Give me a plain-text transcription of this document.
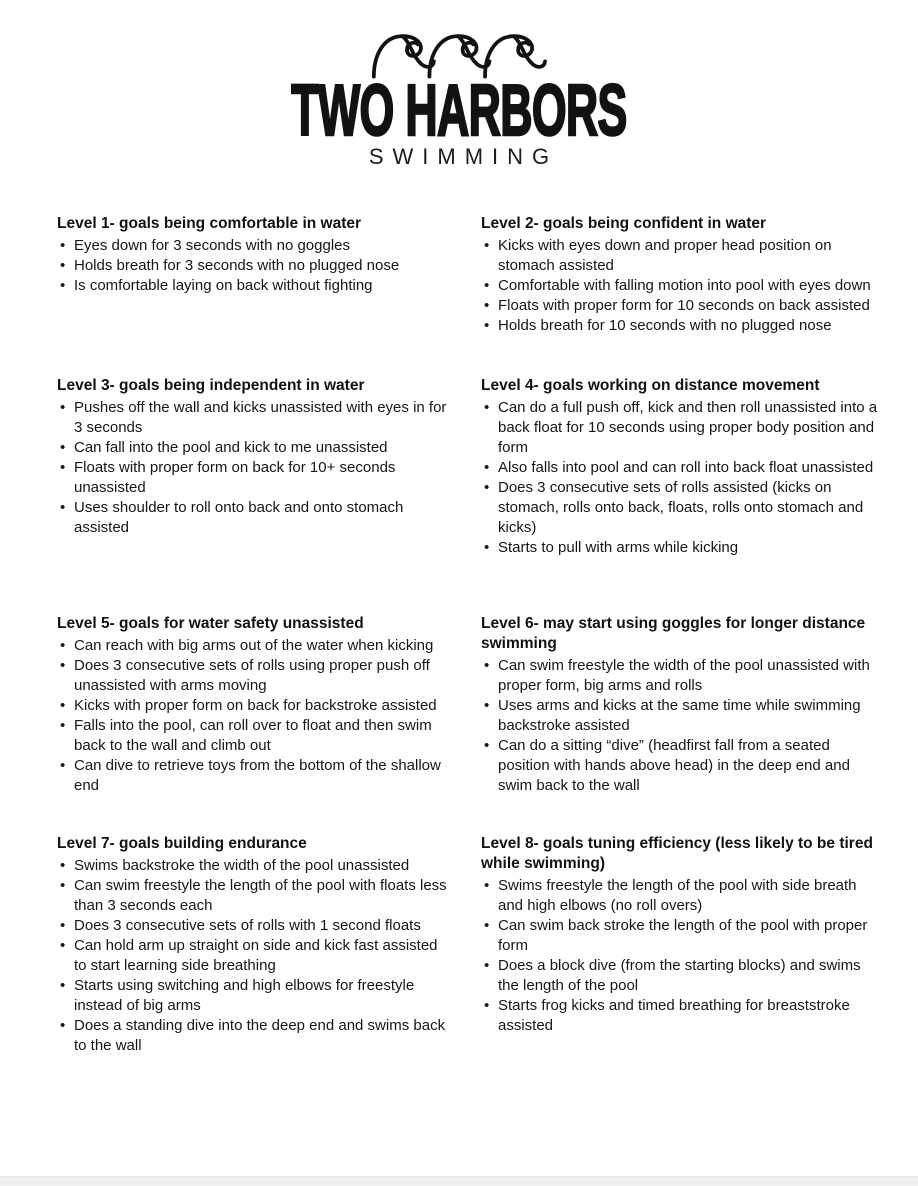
TWO HARBORS
SWIMMING
Level 1- goals being comfortable in water
• Eyes down for 3 seconds with no goggles
• Holds breath for 3 seconds with no plugged nose
• Is comfortable laying on back without fighting
Level 2- goals being confident in water
• Kicks with eyes down and proper head position on stomach assisted
• Comfortable with falling motion into pool with eyes down
• Floats with proper form for 10 seconds on back assisted
• Holds breath for 10 seconds with no plugged nose
Level 3- goals being independent in water
• Pushes off the wall and kicks unassisted with eyes in for 3 seconds
• Can fall into the pool and kick to me unassisted
• Floats with proper form on back for 10+ seconds unassisted
• Uses shoulder to roll onto back and onto stomach assisted
Level 4- goals working on distance movement
• Can do a full push off, kick and then roll unassisted into a back float for 10 seconds using proper body position and form
• Also falls into pool and can roll into back float unassisted
• Does 3 consecutive sets of rolls assisted (kicks on stomach, rolls onto back, floats, rolls onto stomach and kicks)
• Starts to pull with arms while kicking
Level 5- goals for water safety unassisted
• Can reach with big arms out of the water when kicking
• Does 3 consecutive sets of rolls using proper push off unassisted with arms moving
• Kicks with proper form on back for backstroke assisted
• Falls into the pool, can roll over to float and then swim back to the wall and climb out
• Can dive to retrieve toys from the bottom of the shallow end
Level 6- may start using goggles for longer distance swimming
• Can swim freestyle the width of the pool unassisted with proper form, big arms and rolls
• Uses arms and kicks at the same time while swimming backstroke assisted
• Can do a sitting “dive” (headfirst fall from a seated position with hands above head) in the deep end and swim back to the wall
Level 7- goals building endurance
• Swims backstroke the width of the pool unassisted
• Can swim freestyle the length of the pool with floats less than 3 seconds each
• Does 3 consecutive sets of rolls with 1 second floats
• Can hold arm up straight on side and kick fast assisted to start learning side breathing
• Starts using switching and high elbows for freestyle instead of big arms
• Does a standing dive into the deep end and swims back to the wall
Level 8- goals tuning efficiency (less likely to be tired while swimming)
• Swims freestyle the length of the pool with side breath and high elbows (no roll overs)
• Can swim back stroke the length of the pool with proper form
• Does a block dive (from the starting blocks) and swims the length of the pool
• Starts frog kicks and timed breathing for breaststroke assisted
